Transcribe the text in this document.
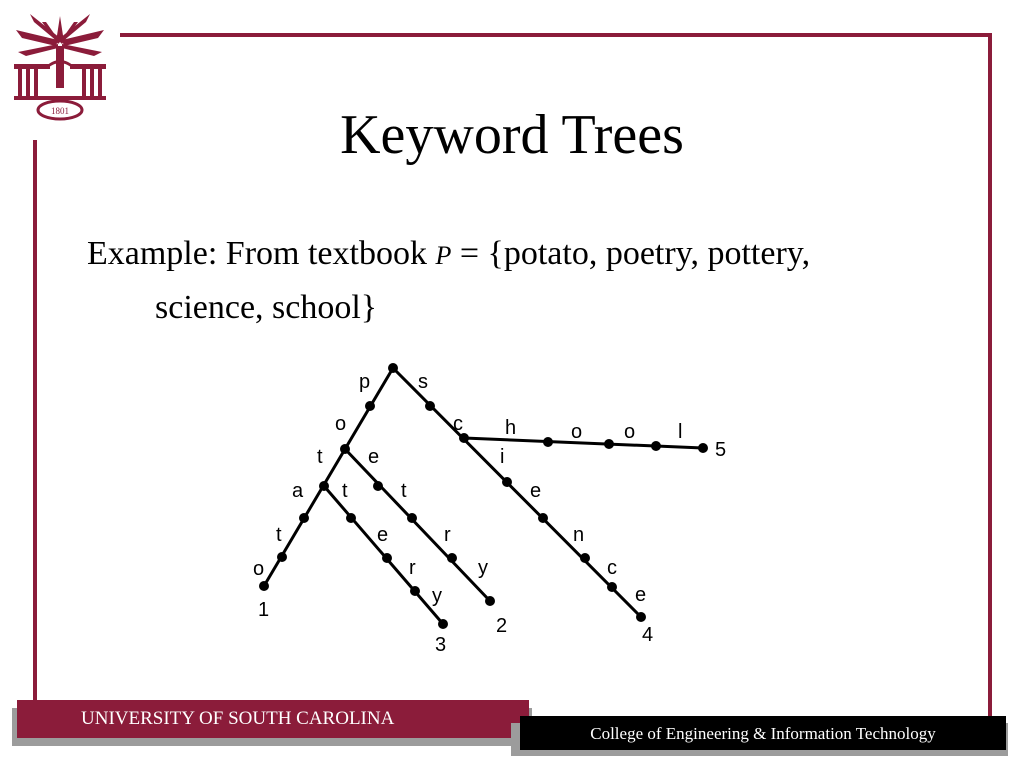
1801	Keyword Trees
Example: From textbook P = {potato, poetry, pottery,
science, school}
p s
o	c h	o o l
t e	i
a t	t	e
t	e	r	n
o	r	y	c
y	e
1
2
3	4
5
UNIVERSITY OF SOUTH CAROLINA
College of Engineering & Information Technology
